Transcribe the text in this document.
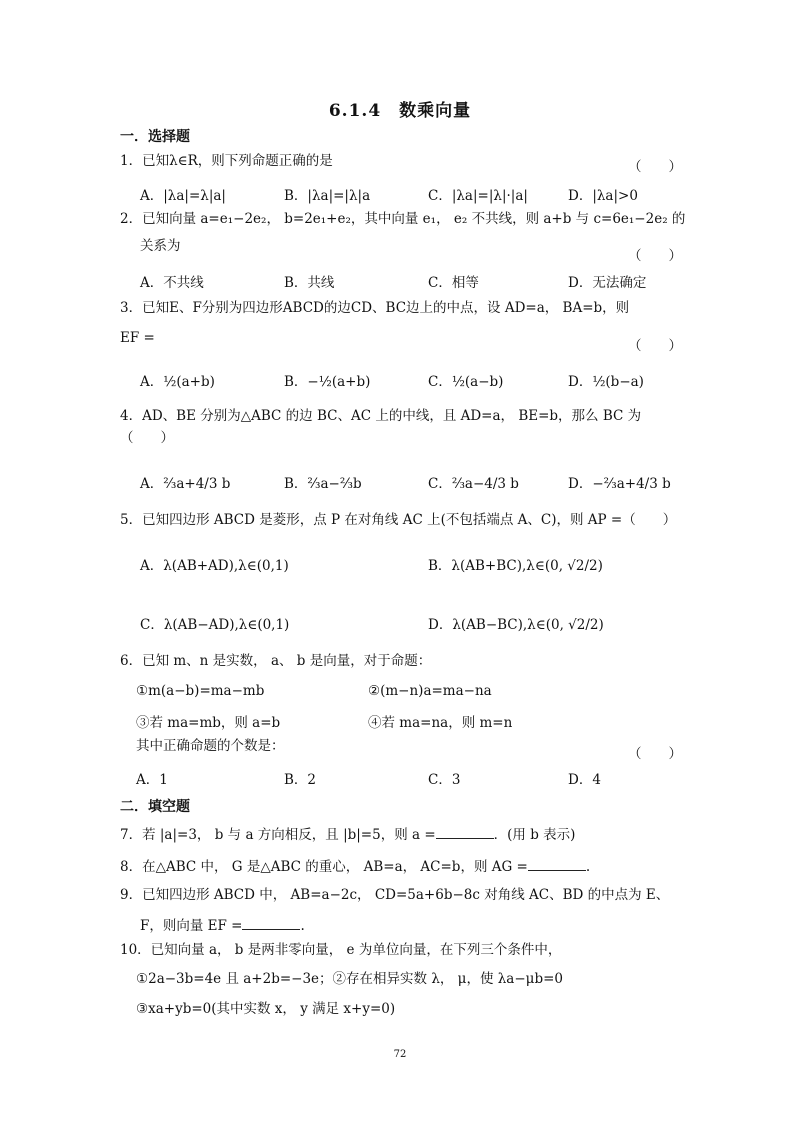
6.1.4　数乘向量
一．选择题
1．已知λ∈R，则下列命题正确的是	（　　）
A．|λa|=λ|a|	B．|λa|=|λ|a	C．|λa|=|λ|·|a|	D．|λa|>0
2．已知向量 a=e₁−2e₂， b=2e₁+e₂，其中向量 e₁， e₂ 不共线，则 a+b 与 c=6e₁−2e₂ 的
关系为
（　　）
A．不共线	B．共线	C．相等	D．无法确定
3．已知E、F分别为四边形ABCD的边CD、BC边上的中点，设 AD=a， BA=b，则
EF =	（　　）
A．½(a+b)	B．−½(a+b)	C．½(a−b)	D．½(b−a)
4．AD、BE 分别为△ABC 的边 BC、AC 上的中线，且 AD=a， BE=b，那么 BC 为
（　　）
A．⅔a+4/3 b	B．⅔a−⅔b	C．⅔a−4/3 b	D．−⅔a+4/3 b
5．已知四边形 ABCD 是菱形，点 P 在对角线 AC 上(不包括端点 A、C)，则 AP =（　　）
A．λ(AB+AD),λ∈(0,1)	B．λ(AB+BC),λ∈(0, √2/2)
C．λ(AB−AD),λ∈(0,1)	D．λ(AB−BC),λ∈(0, √2/2)
6．已知 m、n 是实数， a、 b 是向量，对于命题：
①m(a−b)=ma−mb	②(m−n)a=ma−na
③若 ma=mb，则 a=b	④若 ma=na，则 m=n
其中正确命题的个数是：	（　　）
A．1	B．2	C．3	D．4
二．填空题
7．若 |a|=3， b 与 a 方向相反，且 |b|=5，则 a =	．(用 b 表示)
8．在△ABC 中， G 是△ABC 的重心， AB=a， AC=b，则 AG =	.
9．已知四边形 ABCD 中， AB=a−2c， CD=5a+6b−8c 对角线 AC、BD 的中点为 E、
F，则向量 EF =	.
10．已知向量 a， b 是两非零向量， e 为单位向量，在下列三个条件中，
①2a−3b=4e 且 a+2b=−3e；②存在相异实数 λ， μ，使 λa−μb=0
③xa+yb=0(其中实数 x， y 满足 x+y=0)
72
